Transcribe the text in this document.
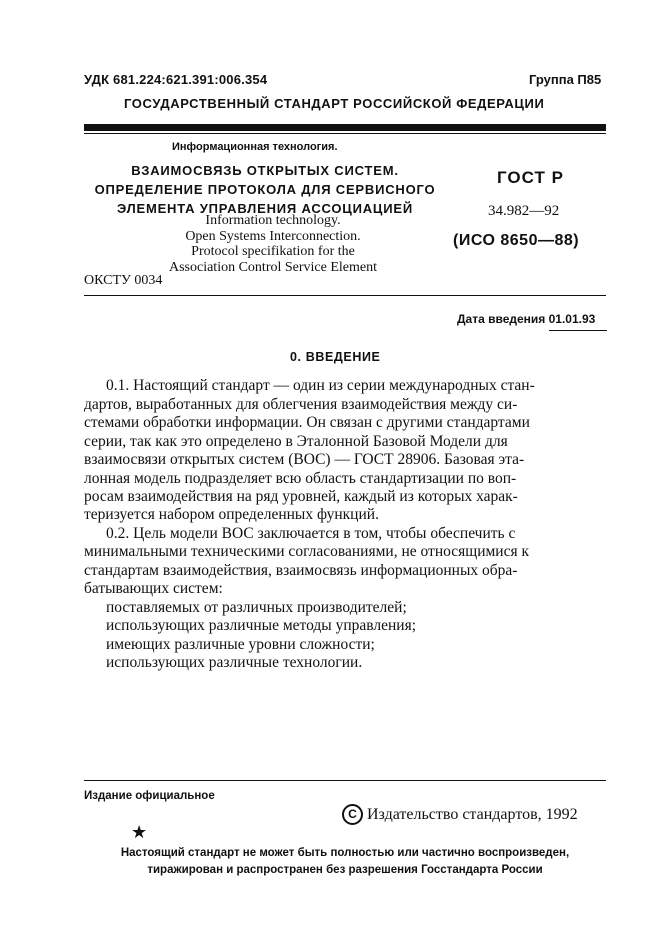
УДК 681.224:621.391:006.354	Группа П85
ГОСУДАРСТВЕННЫЙ СТАНДАРТ РОССИЙСКОЙ ФЕДЕРАЦИИ
Информационная технология.
ВЗАИМОСВЯЗЬ ОТКРЫТЫХ СИСТЕМ.
ОПРЕДЕЛЕНИЕ ПРОТОКОЛА ДЛЯ СЕРВИСНОГО
ЭЛЕМЕНТА УПРАВЛЕНИЯ АССОЦИАЦИЕЙ
Information technology.
Open Systems Interconnection.
Protocol specifikation for the
Association Control Service Element
ГОСТ Р
34.982—92
(ИСО 8650—88)
ОКСТУ 0034
Дата введения 01.01.93
0. ВВЕДЕНИЕ
0.1. Настоящий стандарт — один из серии международных стан-
дартов, выработанных для облегчения взаимодействия между си-
стемами обработки информации. Он связан с другими стандартами
серии, так как это определено в Эталонной Базовой Модели для
взаимосвязи открытых систем (ВОС) — ГОСТ 28906. Базовая эта-
лонная модель подразделяет всю область стандартизации по воп-
росам взаимодействия на ряд уровней, каждый из которых харак-
теризуется набором определенных функций.
0.2. Цель модели ВОС заключается в том, чтобы обеспечить с
минимальными техническими согласованиями, не относящимися к
стандартам взаимодействия, взаимосвязь информационных обра-
батывающих систем:
поставляемых от различных производителей;
использующих различные методы управления;
имеющих различные уровни сложности;
использующих различные технологии.
Издание официальное
C Издательство стандартов, 1992
★
Настоящий стандарт не может быть полностью или частично воспроизведен,
тиражирован и распространен без разрешения Госстандарта России
